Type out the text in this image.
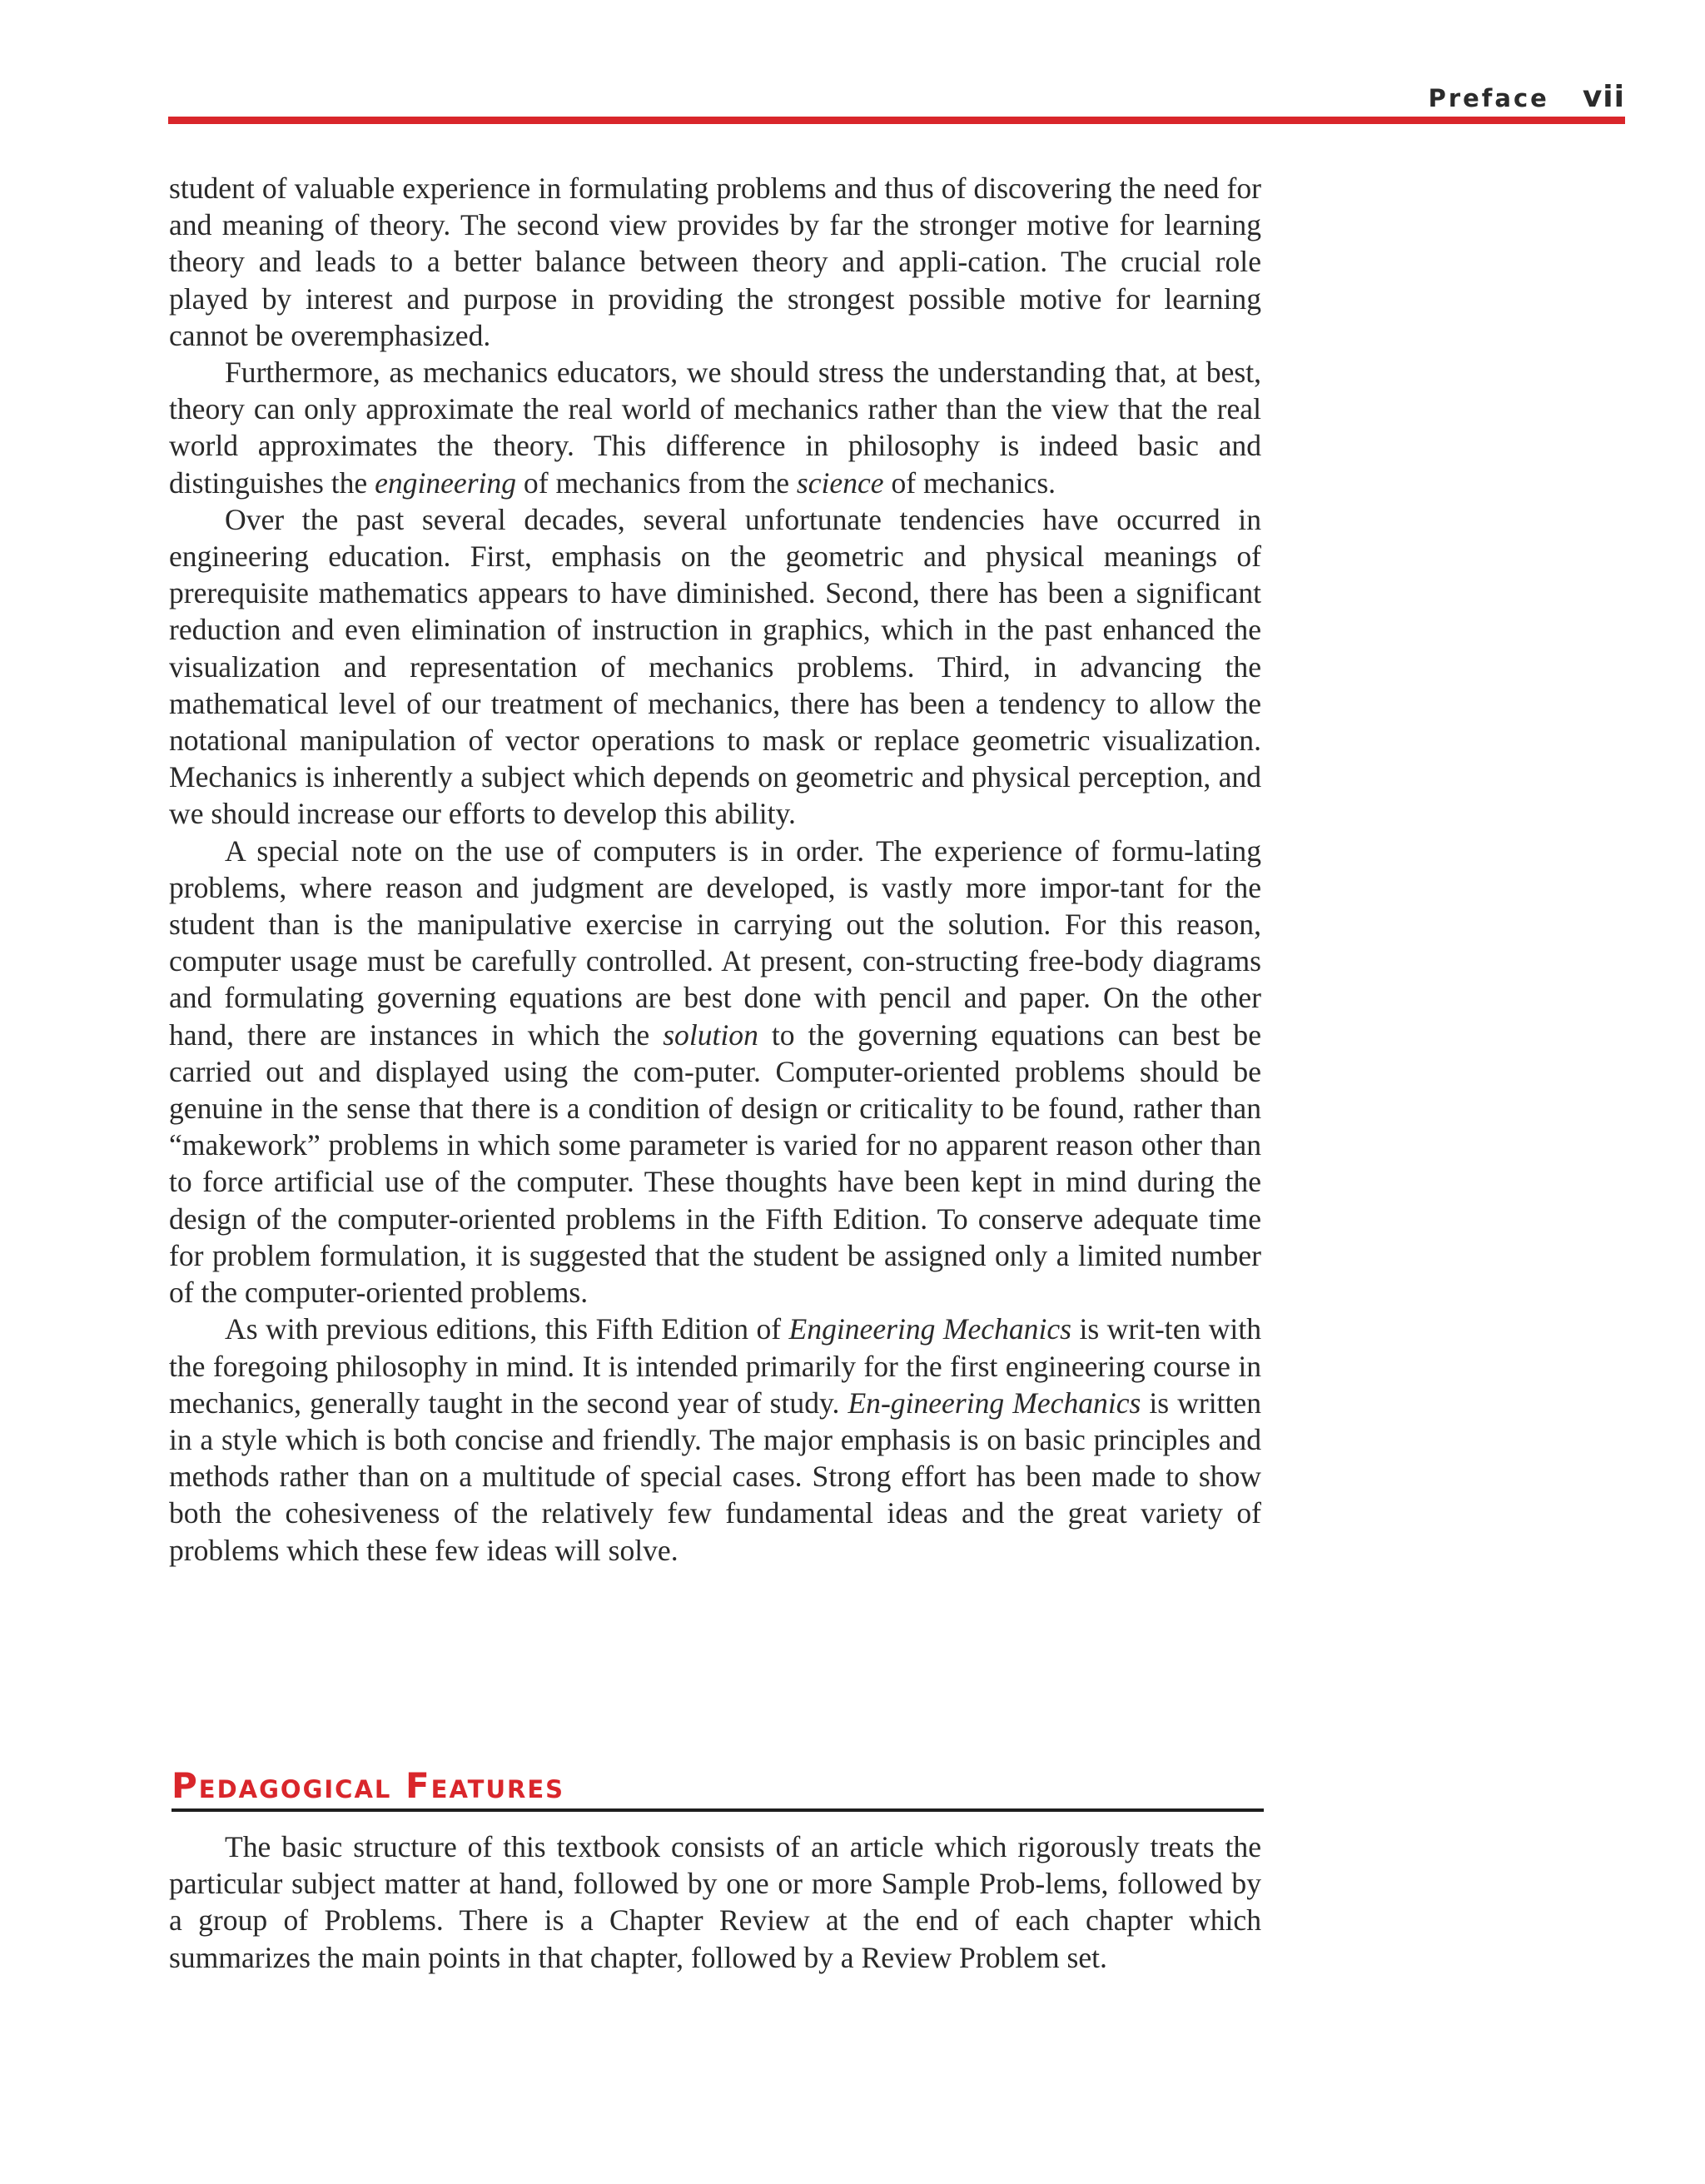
Preface vii

student of valuable experience in formulating problems and thus of discovering the need for and meaning of theory. The second view provides by far the stronger motive for learning theory and leads to a better balance between theory and appli-cation. The crucial role played by interest and purpose in providing the strongest possible motive for learning cannot be overemphasized.

Furthermore, as mechanics educators, we should stress the understanding that, at best, theory can only approximate the real world of mechanics rather than the view that the real world approximates the theory. This difference in philosophy is indeed basic and distinguishes the engineering of mechanics from the science of mechanics.

Over the past several decades, several unfortunate tendencies have occurred in engineering education. First, emphasis on the geometric and physical meanings of prerequisite mathematics appears to have diminished. Second, there has been a significant reduction and even elimination of instruction in graphics, which in the past enhanced the visualization and representation of mechanics problems. Third, in advancing the mathematical level of our treatment of mechanics, there has been a tendency to allow the notational manipulation of vector operations to mask or replace geometric visualization. Mechanics is inherently a subject which depends on geometric and physical perception, and we should increase our efforts to develop this ability.

A special note on the use of computers is in order. The experience of formu-lating problems, where reason and judgment are developed, is vastly more impor-tant for the student than is the manipulative exercise in carrying out the solution. For this reason, computer usage must be carefully controlled. At present, con-structing free-body diagrams and formulating governing equations are best done with pencil and paper. On the other hand, there are instances in which the solution to the governing equations can best be carried out and displayed using the com-puter. Computer-oriented problems should be genuine in the sense that there is a condition of design or criticality to be found, rather than “makework” problems in which some parameter is varied for no apparent reason other than to force artificial use of the computer. These thoughts have been kept in mind during the design of the computer-oriented problems in the Fifth Edition. To conserve adequate time for problem formulation, it is suggested that the student be assigned only a limited number of the computer-oriented problems.

As with previous editions, this Fifth Edition of Engineering Mechanics is writ-ten with the foregoing philosophy in mind. It is intended primarily for the first engineering course in mechanics, generally taught in the second year of study. En-gineering Mechanics is written in a style which is both concise and friendly. The major emphasis is on basic principles and methods rather than on a multitude of special cases. Strong effort has been made to show both the cohesiveness of the relatively few fundamental ideas and the great variety of problems which these few ideas will solve.

Pedagogical Features

The basic structure of this textbook consists of an article which rigorously treats the particular subject matter at hand, followed by one or more Sample Prob-lems, followed by a group of Problems. There is a Chapter Review at the end of each chapter which summarizes the main points in that chapter, followed by a Review Problem set.
